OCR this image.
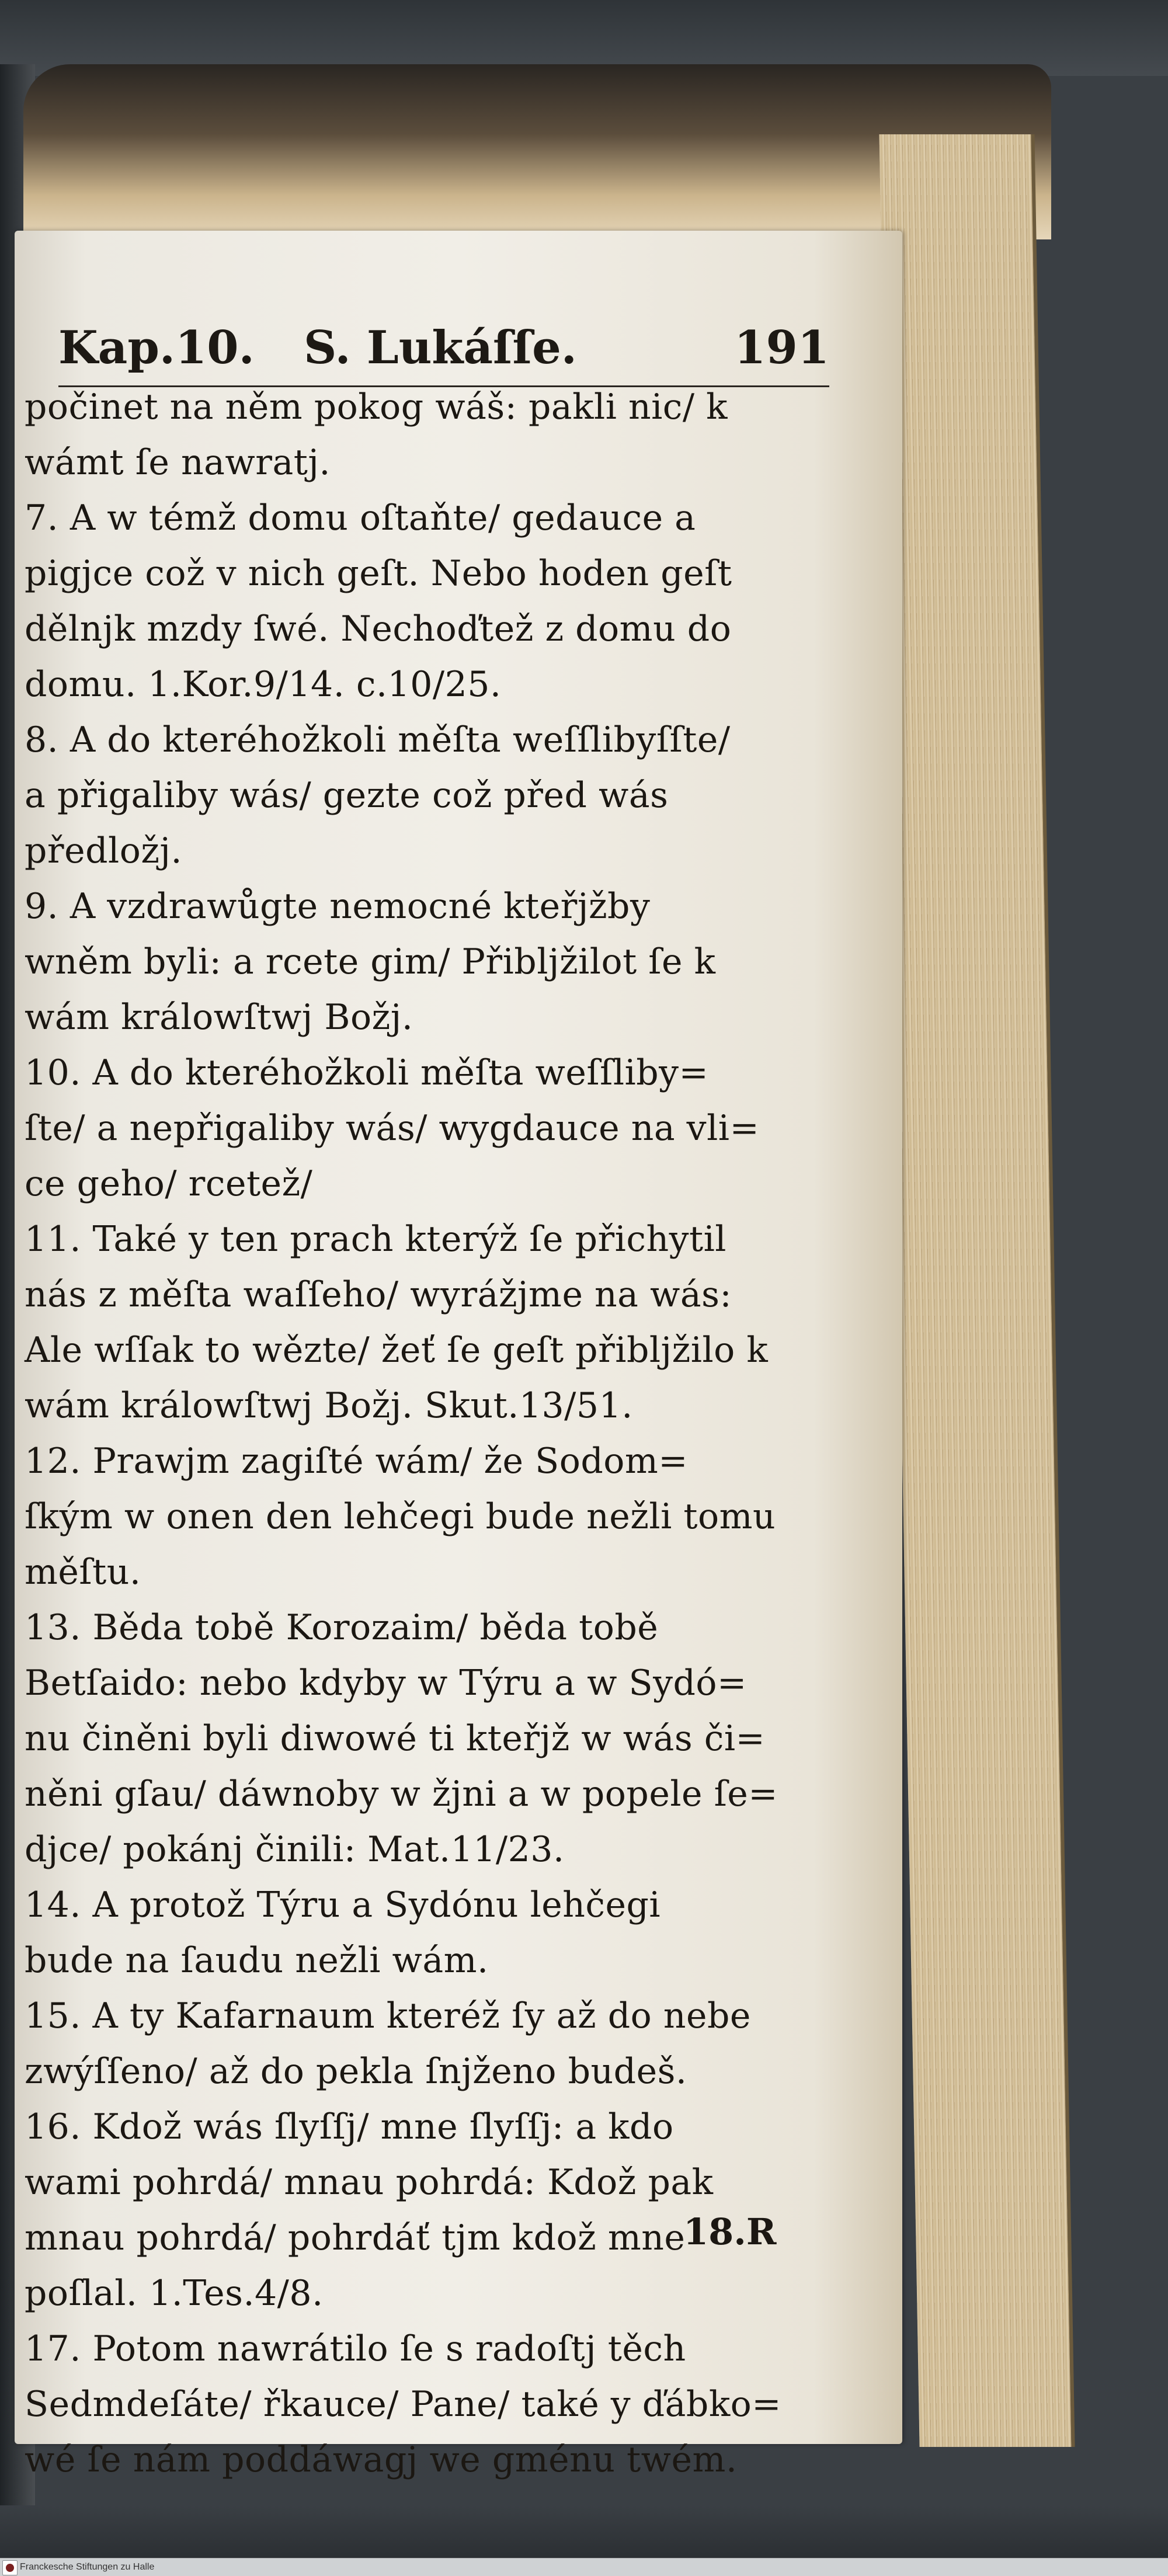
Kap.10. S. Lukáſſe.	191
počinet na něm pokog wáš: pakli nic/ k
wámt ſe nawratj.
7. A w témž domu oſtaňte/ gedauce a
pigjce což v nich geſt. Nebo hoden geſt
dělnjk mzdy ſwé. Nechoďtež z domu do
domu. 1.Kor.9/14. c.10/25.
8. A do kteréhožkoli měſta weſſlibyſſte/
a přigaliby wás/ gezte což před wás
předložj.
9. A vzdrawůgte nemocné kteřjžby
wněm byli: a rcete gim/ Přiblјžilot ſe k
wám králowſtwj Božj.
10. A do kteréhožkoli měſta weſſliby=
ſte/ a nepřigaliby wás/ wygdauce na vli=
ce geho/ rcetež/
11. Také y ten prach kterýž ſe přichytil
nás z měſta waſſeho/ wyrážjme na wás:
Ale wſſak to wězte/ žeť ſe geſt přiblјžilo k
wám králowſtwj Božj. Skut.13/51.
12. Prawjm zagiſté wám/ že Sodom=
ſkým w onen den lehčegi bude nežli tomu
měſtu.
13. Běda tobě Korozaim/ běda tobě
Betſaido: nebo kdyby w Týru a w Sydó=
nu činěni byli diwowé ti kteřjž w wás či=
něni gſau/ dáwnoby w žjni a w popele ſe=
djce/ pokánj činili: Mat.11/23.
14. A protož Týru a Sydónu lehčegi
bude na ſaudu nežli wám.
15. A ty Kafarnaum kteréž ſy až do nebe
zwýſſeno/ až do pekla ſnјženo budeš.
16. Kdož wás ſlyſſj/ mne ſlyſſj: a kdo
wami pohrdá/ mnau pohrdá: Kdož pak
mnau pohrdá/ pohrdáť tjm kdož mne
poſlal. 1.Tes.4/8.
17. Potom nawrátilo ſe s radoſtj těch
Sedmdeſáte/ řkauce/ Pane/ také y ďábko=
wé ſe nám poddáwagj we gménu twém.
18.R
Franckesche Stiftungen zu Halle
